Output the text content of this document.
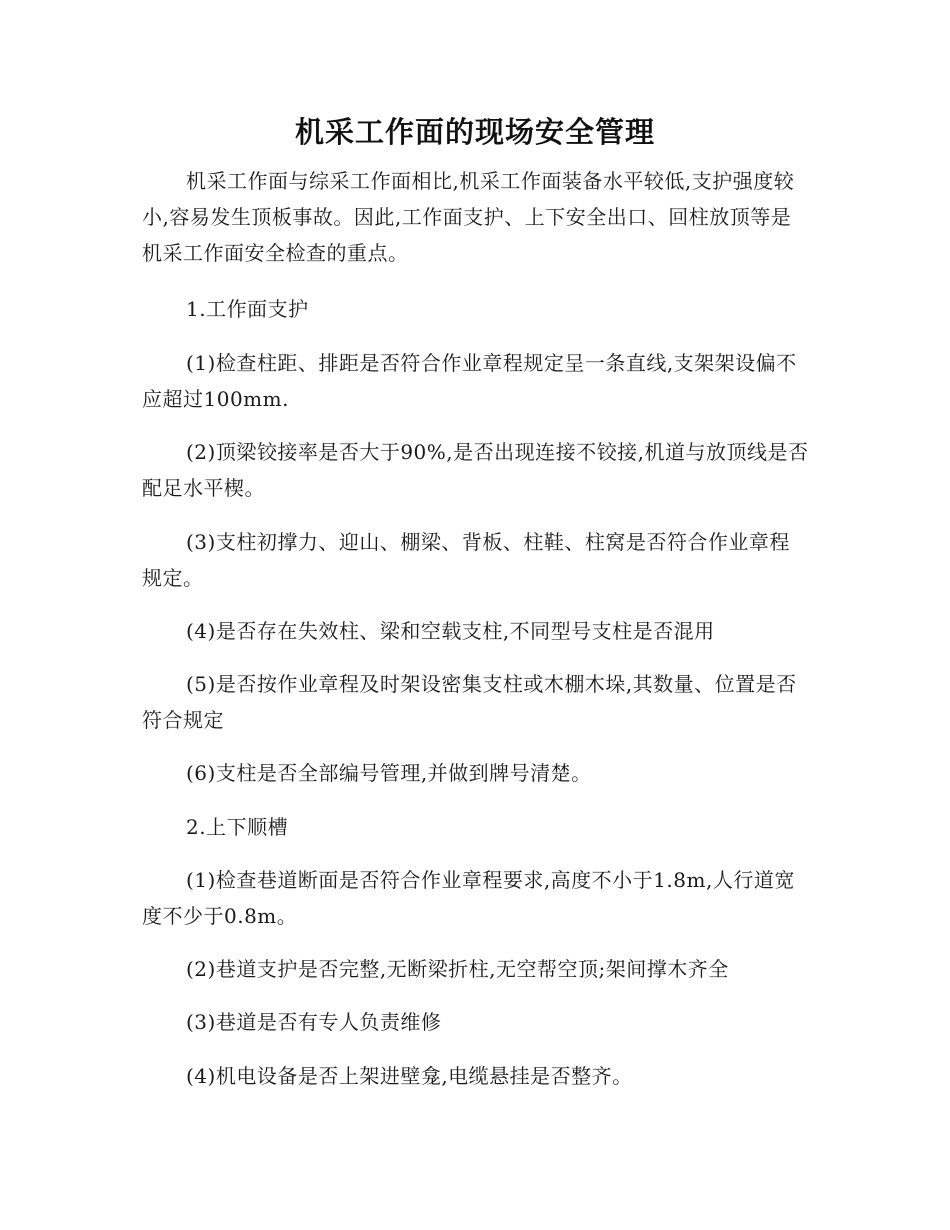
机采工作面的现场安全管理

机采工作面与综采工作面相比,机采工作面装备水平较低,支护强度较小,容易发生顶板事故。因此,工作面支护、上下安全出口、回柱放顶等是机采工作面安全检查的重点。

1.工作面支护

(1)检查柱距、排距是否符合作业章程规定呈一条直线,支架架设偏不应超过100mm.

(2)顶梁铰接率是否大于90%,是否出现连接不铰接,机道与放顶线是否配足水平楔。

(3)支柱初撑力、迎山、棚梁、背板、柱鞋、柱窝是否符合作业章程规定。

(4)是否存在失效柱、梁和空载支柱,不同型号支柱是否混用

(5)是否按作业章程及时架设密集支柱或木棚木垛,其数量、位置是否符合规定

(6)支柱是否全部编号管理,并做到牌号清楚。

2.上下顺槽

(1)检查巷道断面是否符合作业章程要求,高度不小于1.8m,人行道宽度不少于0.8m。

(2)巷道支护是否完整,无断梁折柱,无空帮空顶;架间撑木齐全

(3)巷道是否有专人负责维修

(4)机电设备是否上架进壁龛,电缆悬挂是否整齐。
